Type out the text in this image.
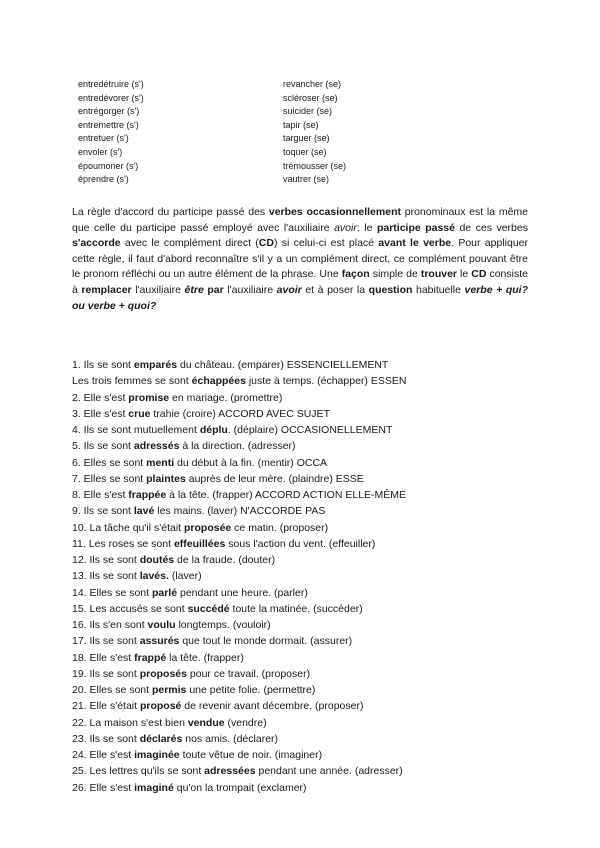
entredétruire (s')
entredévorer (s')
entrégorger (s')
entremettre (s')
entretuer (s')
envoler (s')
époumoner (s')
éprendre (s')
revancher (se)
scléroser (se)
suicider (se)
tapir (se)
targuer (se)
toquer (se)
trémousser (se)
vautrer (se)
La règle d'accord du participe passé des verbes occasionnellement pronominaux est la même que celle du participe passé employé avec l'auxiliaire avoir: le participe passé de ces verbes s'accorde avec le complément direct (CD) si celui-ci est placé avant le verbe. Pour appliquer cette règle, il faut d'abord reconnaître s'il y a un complément direct, ce complément pouvant être le pronom réfléchi ou un autre élément de la phrase. Une façon simple de trouver le CD consiste à remplacer l'auxiliaire être par l'auxiliaire avoir et à poser la question habituelle verbe + qui? ou verbe + quoi?
1. Ils se sont emparés du château. (emparer) ESSENCIELLEMENT
Les trois femmes se sont échappées juste à temps. (échapper) ESSEN
2. Elle s'est promise en mariage. (promettre)
3. Elle s'est crue trahie (croire) ACCORD AVEC SUJET
4. Ils se sont mutuellement déplu. (déplaire) OCCASIONELLEMENT
5. Ils se sont adressés à la direction. (adresser)
6. Elles se sont menti du début à la fin. (mentir) OCCA
7. Elles se sont plaintes auprès de leur mère. (plaindre) ESSE
8. Elle s'est frappée à la tête. (frapper) ACCORD ACTION ELLE-MÊME
9. Ils se sont lavé les mains. (laver) N'ACCORDE PAS
10. La tâche qu'il s'était proposée ce matin. (proposer)
11. Les roses se sont effeuillées sous l'action du vent. (effeuiller)
12. Ils se sont doutés de la fraude. (douter)
13. Ils se sont lavés. (laver)
14. Elles se sont parlé pendant une heure. (parler)
15. Les accusés se sont succédé toute la matinée. (succéder)
16. Ils s'en sont voulu longtemps. (vouloir)
17. Ils se sont assurés que tout le monde dormait. (assurer)
18. Elle s'est frappé la tête. (frapper)
19. Ils se sont proposés pour ce travail. (proposer)
20. Elles se sont permis une petite folie. (permettre)
21. Elle s'était proposé de revenir avant décembre. (proposer)
22. La maison s'est bien vendue (vendre)
23. Ils se sont déclarés nos amis. (déclarer)
24. Elle s'est imaginée toute vêtue de noir. (imaginer)
25. Les lettres qu'ils se sont adressées pendant une année. (adresser)
26. Elle s'est imaginé qu'on la trompait (exclamer)
